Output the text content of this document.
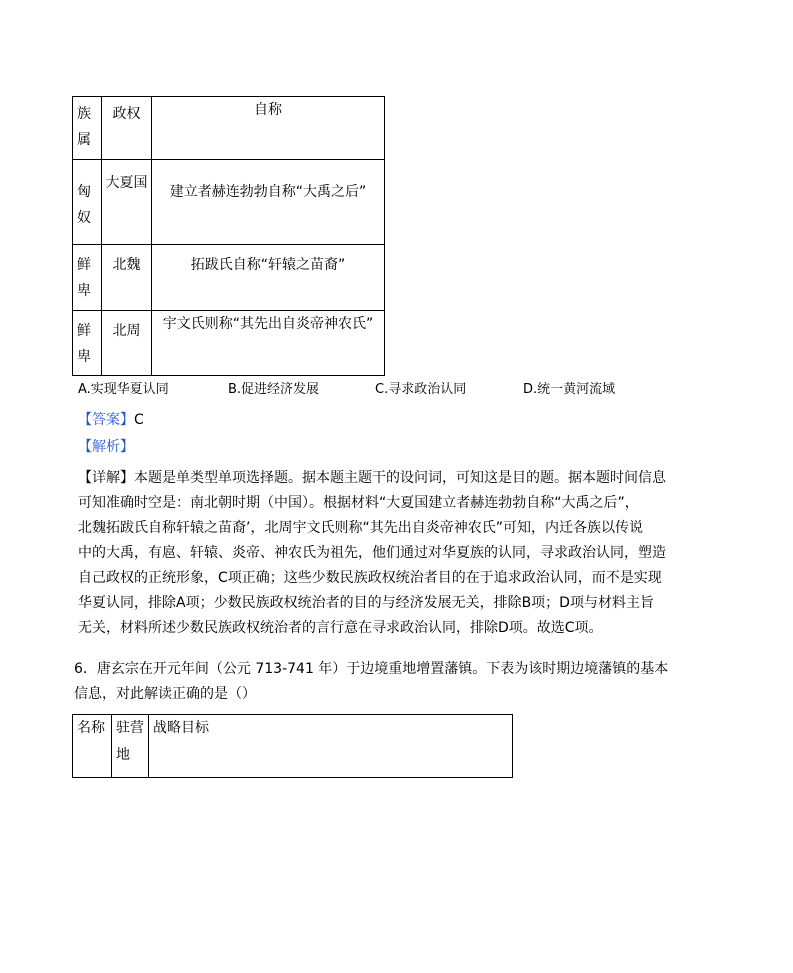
族属	政权	自称
匈奴	大夏国	建立者赫连勃勃自称“大禹之后”
鲜卑	北魏	拓跋氏自称“轩辕之苗裔”
鲜卑	北周	宇文氏则称“其先出自炎帝神农氏”
A.实现华夏认同	B.促进经济发展	C.寻求政治认同	D.统一黄河流域
【答案】C
【解析】
【详解】本题是单类型单项选择题。据本题主题干的设问词，可知这是目的题。据本题时间信息
可知准确时空是：南北朝时期（中国）。根据材料“大夏国建立者赫连勃勃自称“大禹之后”，
北魏拓跋氏自称轩辕之苗裔’，北周宇文氏则称“其先出自炎帝神农氏”可知，内迁各族以传说
中的大禹，有扈、轩辕、炎帝、神农氏为祖先，他们通过对华夏族的认同，寻求政治认同，塑造
自己政权的正统形象，C项正确；这些少数民族政权统治者目的在于追求政治认同，而不是实现
华夏认同，排除A项；少数民族政权统治者的目的与经济发展无关，排除B项；D项与材料主旨
无关，材料所述少数民族政权统治者的言行意在寻求政治认同，排除D项。故选C项。
6．唐玄宗在开元年间（公元 713-741 年）于边境重地增置藩镇。下表为该时期边境藩镇的基本
信息，对此解读正确的是（）
名称	驻营地	战略目标
